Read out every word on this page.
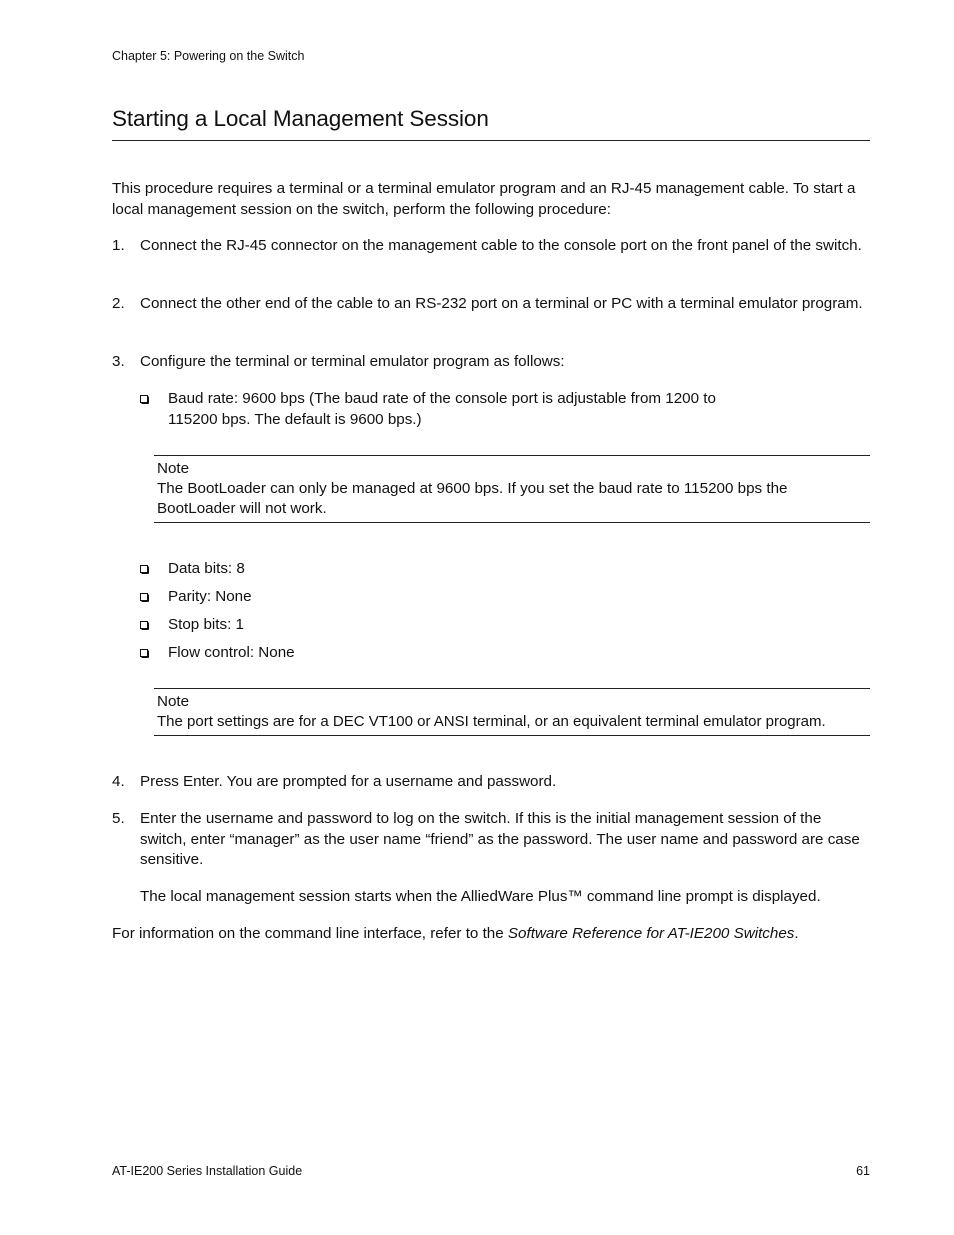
Chapter 5: Powering on the Switch
Starting a Local Management Session
This procedure requires a terminal or a terminal emulator program and an RJ-45 management cable. To start a local management session on the switch, perform the following procedure:
1. Connect the RJ-45 connector on the management cable to the console port on the front panel of the switch.
2. Connect the other end of the cable to an RS-232 port on a terminal or PC with a terminal emulator program.
3. Configure the terminal or terminal emulator program as follows:
Baud rate: 9600 bps (The baud rate of the console port is adjustable from 1200 to 115200 bps. The default is 9600 bps.)
Note
The BootLoader can only be managed at 9600 bps. If you set the baud rate to 115200 bps the BootLoader will not work.
Data bits: 8
Parity: None
Stop bits: 1
Flow control: None
Note
The port settings are for a DEC VT100 or ANSI terminal, or an equivalent terminal emulator program.
4. Press Enter. You are prompted for a username and password.
5. Enter the username and password to log on the switch. If this is the initial management session of the switch, enter “manager” as the user name “friend” as the password. The user name and password are case sensitive.
The local management session starts when the AlliedWare Plus™ command line prompt is displayed.
For information on the command line interface, refer to the Software Reference for AT-IE200 Switches.
AT-IE200 Series Installation Guide	61
